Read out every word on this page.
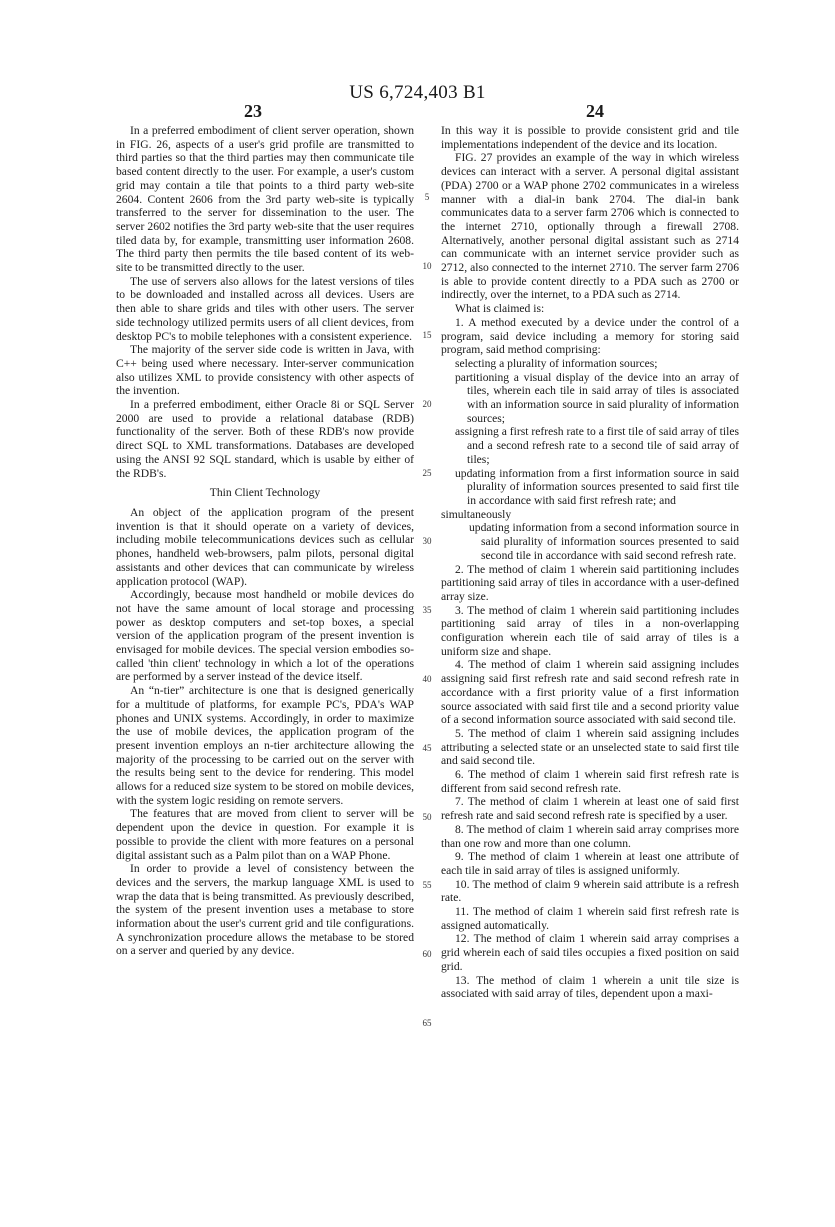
US 6,724,403 B1
23	24

In a preferred embodiment of client server operation, shown in FIG. 26, aspects of a user's grid profile are transmitted to third parties so that the third parties may then communicate tile based content directly to the user. For example, a user's custom grid may contain a tile that points to a third party web-site 2604. Content 2606 from the 3rd party web-site is typically transferred to the server for dissemination to the user. The server 2602 notifies the 3rd party web-site that the user requires tiled data by, for example, transmitting user information 2608. The third party then permits the tile based content of its web-site to be transmitted directly to the user.

The use of servers also allows for the latest versions of tiles to be downloaded and installed across all devices. Users are then able to share grids and tiles with other users. The server side technology utilized permits users of all client devices, from desktop PC's to mobile telephones with a consistent experience.

The majority of the server side code is written in Java, with C++ being used where necessary. Inter-server communication also utilizes XML to provide consistency with other aspects of the invention.

In a preferred embodiment, either Oracle 8i or SQL Server 2000 are used to provide a relational database (RDB) functionality of the server. Both of these RDB's now provide direct SQL to XML transformations. Databases are developed using the ANSI 92 SQL standard, which is usable by either of the RDB's.

Thin Client Technology

An object of the application program of the present invention is that it should operate on a variety of devices, including mobile telecommunications devices such as cellular phones, handheld web-browsers, palm pilots, personal digital assistants and other devices that can communicate by wireless application protocol (WAP).

Accordingly, because most handheld or mobile devices do not have the same amount of local storage and processing power as desktop computers and set-top boxes, a special version of the application program of the present invention is envisaged for mobile devices. The special version embodies so-called 'thin client' technology in which a lot of the operations are performed by a server instead of the device itself.

An “n-tier” architecture is one that is designed generically for a multitude of platforms, for example PC's, PDA's WAP phones and UNIX systems. Accordingly, in order to maximize the use of mobile devices, the application program of the present invention employs an n-tier architecture allowing the majority of the processing to be carried out on the server with the results being sent to the device for rendering. This model allows for a reduced size system to be stored on mobile devices, with the system logic residing on remote servers.

The features that are moved from client to server will be dependent upon the device in question. For example it is possible to provide the client with more features on a personal digital assistant such as a Palm pilot than on a WAP Phone.

In order to provide a level of consistency between the devices and the servers, the markup language XML is used to wrap the data that is being transmitted. As previously described, the system of the present invention uses a metabase to store information about the user's current grid and tile configurations. A synchronization procedure allows the metabase to be stored on a server and queried by any device.

5
10
15
20
25
30
35
40
45
50
55
60
65

In this way it is possible to provide consistent grid and tile implementations independent of the device and its location.

FIG. 27 provides an example of the way in which wireless devices can interact with a server. A personal digital assistant (PDA) 2700 or a WAP phone 2702 communicates in a wireless manner with a dial-in bank 2704. The dial-in bank communicates data to a server farm 2706 which is connected to the internet 2710, optionally through a firewall 2708. Alternatively, another personal digital assistant such as 2714 can communicate with an internet service provider such as 2712, also connected to the internet 2710. The server farm 2706 is able to provide content directly to a PDA such as 2700 or indirectly, over the internet, to a PDA such as 2714.

What is claimed is:

1. A method executed by a device under the control of a program, said device including a memory for storing said program, said method comprising:

selecting a plurality of information sources;

partitioning a visual display of the device into an array of tiles, wherein each tile in said array of tiles is associated with an information source in said plurality of information sources;

assigning a first refresh rate to a first tile of said array of tiles and a second refresh rate to a second tile of said array of tiles;

updating information from a first information source in said plurality of information sources presented to said first tile in accordance with said first refresh rate; and

simultaneously

updating information from a second information source in said plurality of information sources presented to said second tile in accordance with said second refresh rate.

2. The method of claim 1 wherein said partitioning includes partitioning said array of tiles in accordance with a user-defined array size.

3. The method of claim 1 wherein said partitioning includes partitioning said array of tiles in a non-overlapping configuration wherein each tile of said array of tiles is a uniform size and shape.

4. The method of claim 1 wherein said assigning includes assigning said first refresh rate and said second refresh rate in accordance with a first priority value of a first information source associated with said first tile and a second priority value of a second information source associated with said second tile.

5. The method of claim 1 wherein said assigning includes attributing a selected state or an unselected state to said first tile and said second tile.

6. The method of claim 1 wherein said first refresh rate is different from said second refresh rate.

7. The method of claim 1 wherein at least one of said first refresh rate and said second refresh rate is specified by a user.

8. The method of claim 1 wherein said array comprises more than one row and more than one column.

9. The method of claim 1 wherein at least one attribute of each tile in said array of tiles is assigned uniformly.

10. The method of claim 9 wherein said attribute is a refresh rate.

11. The method of claim 1 wherein said first refresh rate is assigned automatically.

12. The method of claim 1 wherein said array comprises a grid wherein each of said tiles occupies a fixed position on said grid.

13. The method of claim 1 wherein a unit tile size is associated with said array of tiles, dependent upon a maxi-
